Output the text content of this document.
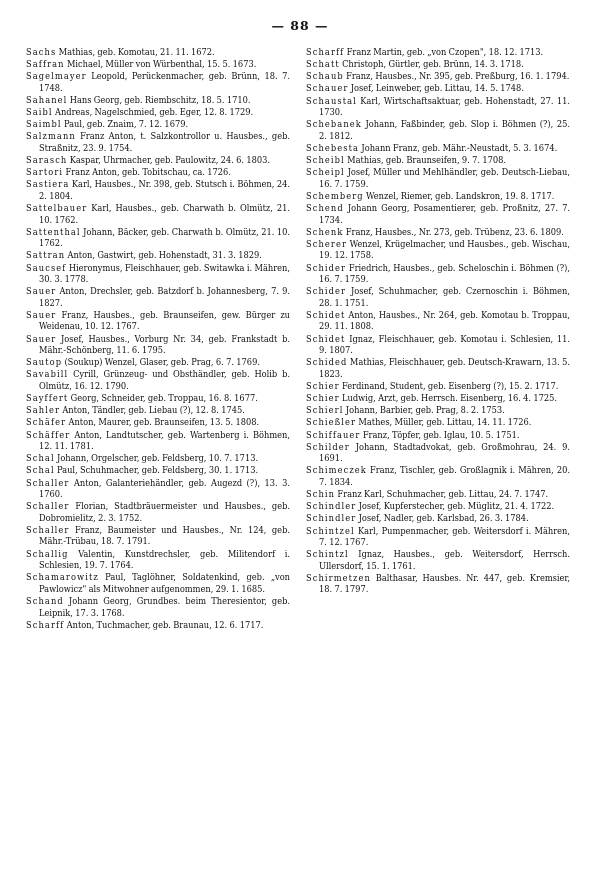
— 88 —
Sachs Mathias, geb. Komotau, 21. 11. 1672.
Saffran Michael, Müller von Würbenthal, 15. 5. 1673.
Sagelmayer Leopold, Perückenmacher, geb. Brünn, 18. 7. 1748.
Sahanel Hans Georg, geb. Riembschitz, 18. 5. 1710.
Saibl Andreas, Nagelschmied, geb. Eger, 12. 8. 1729.
Saimbl Paul, geb. Znaim, 7. 12. 1679.
Salzmann Franz Anton, t. Salzkontrollor u. Hausbes., geb. Straßnitz, 23. 9. 1754.
Sarasch Kaspar, Uhrmacher, geb. Paulowitz, 24. 6. 1803.
Sartori Franz Anton, geb. Tobitschau, ca. 1726.
Sastiera Karl, Hausbes., Nr. 398, geb. Stutsch i. Böhmen, 24. 2. 1804.
Sattelbauer Karl, Hausbes., geb. Charwath b. Olmütz, 21. 10. 1762.
Sattenthal Johann, Bäcker, geb. Charwath b. Olmütz, 21. 10. 1762.
Sattran Anton, Gastwirt, geb. Hohenstadt, 31. 3. 1829.
Saucsef Hieronymus, Fleischhauer, geb. Switawka i. Mähren, 30. 3. 1778.
Sauer Anton, Drechsler, geb. Batzdorf b. Johannesberg, 7. 9. 1827.
Sauer Franz, Hausbes., geb. Braunseifen, gew. Bürger zu Weidenau, 10. 12. 1767.
Sauer Josef, Hausbes., Vorburg Nr. 34, geb. Frankstadt b. Mähr.-Schönberg, 11. 6. 1795.
Sautop (Soukup) Wenzel, Glaser, geb. Prag, 6. 7. 1769.
Savabill Cyrill, Grünzeug- und Obsthändler, geb. Holib b. Olmütz, 16. 12. 1790.
Sayffert Georg, Schneider, geb. Troppau, 16. 8. 1677.
Sahler Anton, Tändler, geb. Liebau (?), 12. 8. 1745.
Schäfer Anton, Maurer, geb. Braunseifen, 13. 5. 1808.
Schäffer Anton, Landtutscher, geb. Wartenberg i. Böhmen, 12. 11. 1781.
Schal Johann, Orgelscher, geb. Feldsberg, 10. 7. 1713.
Schal Paul, Schuhmacher, geb. Feldsberg, 30. 1. 1713.
Schaller Anton, Galanteriehändler, geb. Augezd (?), 13. 3. 1760.
Schaller Florian, Stadtbräuermeister und Hausbes., geb. Dobromielitz, 2. 3. 1752.
Schaller Franz, Baumeister und Hausbes., Nr. 124, geb. Mähr.-Trübau, 18. 7. 1791.
Schallig Valentin, Kunstdrechsler, geb. Militendorf i. Schlesien, 19. 7. 1764.
Schamarowitz Paul, Taglöhner, Soldatenkind, geb. „von Pawlowicz" als Mitwohner aufgenommen, 29. 1. 1685.
Schand Johann Georg, Grundbes. beim Theresientor, geb. Leipnik, 17. 3. 1768.
Scharff Anton, Tuchmacher, geb. Braunau, 12. 6. 1717.
Scharff Franz Martin, geb. „von Czopen", 18. 12. 1713.
Schatt Christoph, Gürtler, geb. Brünn, 14. 3. 1718.
Schaub Franz, Hausbes., Nr. 395, geb. Preßburg, 16. 1. 1794.
Schauer Josef, Leinweber, geb. Littau, 14. 5. 1748.
Schaustal Karl, Wirtschaftsaktuar, geb. Hohenstadt, 27. 11. 1730.
Schebanek Johann, Faßbinder, geb. Slop i. Böhmen (?), 25. 2. 1812.
Schebesta Johann Franz, geb. Mähr.-Neustadt, 5. 3. 1674.
Scheibl Mathias, geb. Braunseifen, 9. 7. 1708.
Scheipl Josef, Müller und Mehlhändler, geb. Deutsch-Liebau, 16. 7. 1759.
Schemberg Wenzel, Riemer, geb. Landskron, 19. 8. 1717.
Schend Johann Georg, Posamentierer, geb. Proßnitz, 27. 7. 1734.
Schenk Franz, Hausbes., Nr. 273, geb. Trübenz, 23. 6. 1809.
Scherer Wenzel, Krügelmacher, und Hausbes., geb. Wischau, 19. 12. 1758.
Schider Friedrich, Hausbes., geb. Scheloschin i. Böhmen (?), 16. 7. 1759.
Schider Josef, Schuhmacher, geb. Czernoschin i. Böhmen, 28. 1. 1751.
Schidet Anton, Hausbes., Nr. 264, geb. Komotau b. Troppau, 29. 11. 1808.
Schidet Ignaz, Fleischhauer, geb. Komotau i. Schlesien, 11. 9. 1807.
Schided Mathias, Fleischhauer, geb. Deutsch-Krawarn, 13. 5. 1823.
Schier Ferdinand, Student, geb. Eisenberg (?), 15. 2. 1717.
Schier Ludwig, Arzt, geb. Herrsch. Eisenberg, 16. 4. 1725.
Schierl Johann, Barbier, geb. Prag, 8. 2. 1753.
Schießler Mathes, Müller, geb. Littau, 14. 11. 1726.
Schiffauer Franz, Töpfer, geb. Iglau, 10. 5. 1751.
Schilder Johann, Stadtadvokat, geb. Großmohrau, 24. 9. 1691.
Schimeczek Franz, Tischler, geb. Großlagnik i. Mähren, 20. 7. 1834.
Schin Franz Karl, Schuhmacher, geb. Littau, 24. 7. 1747.
Schindler Josef, Kupferstecher, geb. Müglitz, 21. 4. 1722.
Schindler Josef, Nadler, geb. Karlsbad, 26. 3. 1784.
Schintzel Karl, Pumpenmacher, geb. Weitersdorf i. Mähren, 7. 12. 1767.
Schintzl Ignaz, Hausbes., geb. Weitersdorf, Herrsch. Ullersdorf, 15. 1. 1761.
Schirmetzen Balthasar, Hausbes. Nr. 447, geb. Kremsier, 18. 7. 1797.
